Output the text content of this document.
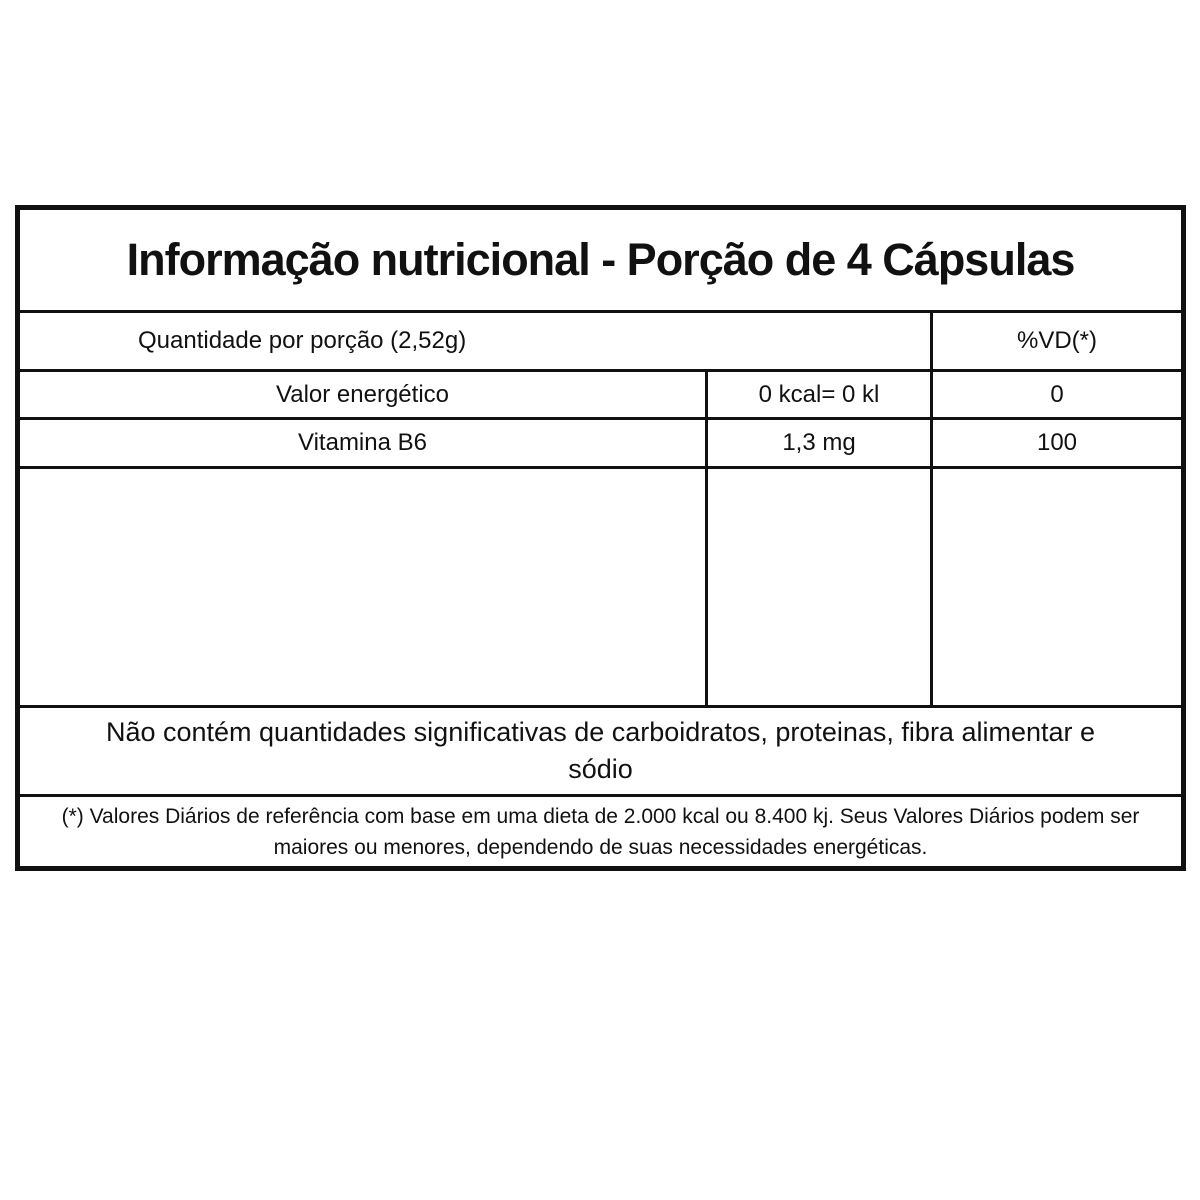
Informação nutricional - Porção de 4 Cápsulas
Quantidade por porção (2,52g)	%VD(*)
Valor energético	0 kcal= 0 kl	0
Vitamina B6	1,3 mg	100
Não contém quantidades significativas de carboidratos, proteinas, fibra alimentar e sódio
(*) Valores Diários de referência com base em uma dieta de 2.000 kcal ou 8.400 kj. Seus Valores Diários podem ser maiores ou menores, dependendo de suas necessidades energéticas.
